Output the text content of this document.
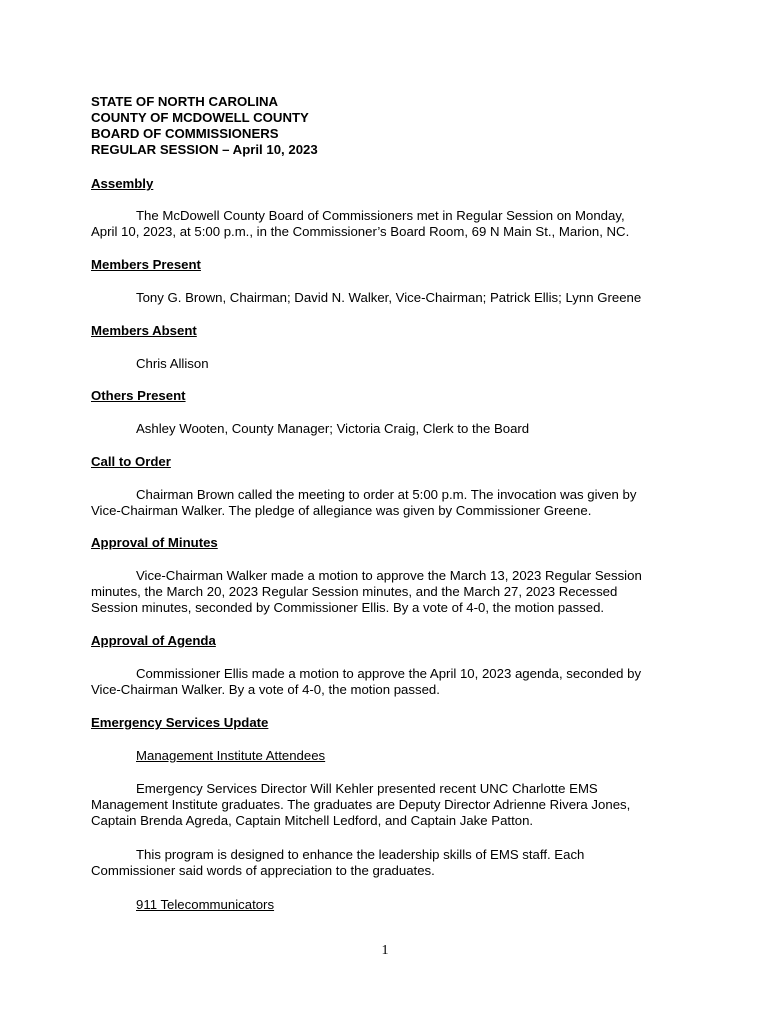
STATE OF NORTH CAROLINA
COUNTY OF MCDOWELL COUNTY
BOARD OF COMMISSIONERS
REGULAR SESSION – April 10, 2023
Assembly
The McDowell County Board of Commissioners met in Regular Session on Monday,
April 10, 2023, at 5:00 p.m., in the Commissioner’s Board Room, 69 N Main St., Marion, NC.
Members Present
Tony G. Brown, Chairman; David N. Walker, Vice-Chairman; Patrick Ellis; Lynn Greene
Members Absent
Chris Allison
Others Present
Ashley Wooten, County Manager; Victoria Craig, Clerk to the Board
Call to Order
Chairman Brown called the meeting to order at 5:00 p.m. The invocation was given by
Vice-Chairman Walker. The pledge of allegiance was given by Commissioner Greene.
Approval of Minutes
Vice-Chairman Walker made a motion to approve the March 13, 2023 Regular Session
minutes, the March 20, 2023 Regular Session minutes, and the March 27, 2023 Recessed
Session minutes, seconded by Commissioner Ellis. By a vote of 4-0, the motion passed.
Approval of Agenda
Commissioner Ellis made a motion to approve the April 10, 2023 agenda, seconded by
Vice-Chairman Walker. By a vote of 4-0, the motion passed.
Emergency Services Update
Management Institute Attendees
Emergency Services Director Will Kehler presented recent UNC Charlotte EMS
Management Institute graduates. The graduates are Deputy Director Adrienne Rivera Jones,
Captain Brenda Agreda, Captain Mitchell Ledford, and Captain Jake Patton.
This program is designed to enhance the leadership skills of EMS staff. Each
Commissioner said words of appreciation to the graduates.
911 Telecommunicators
1
